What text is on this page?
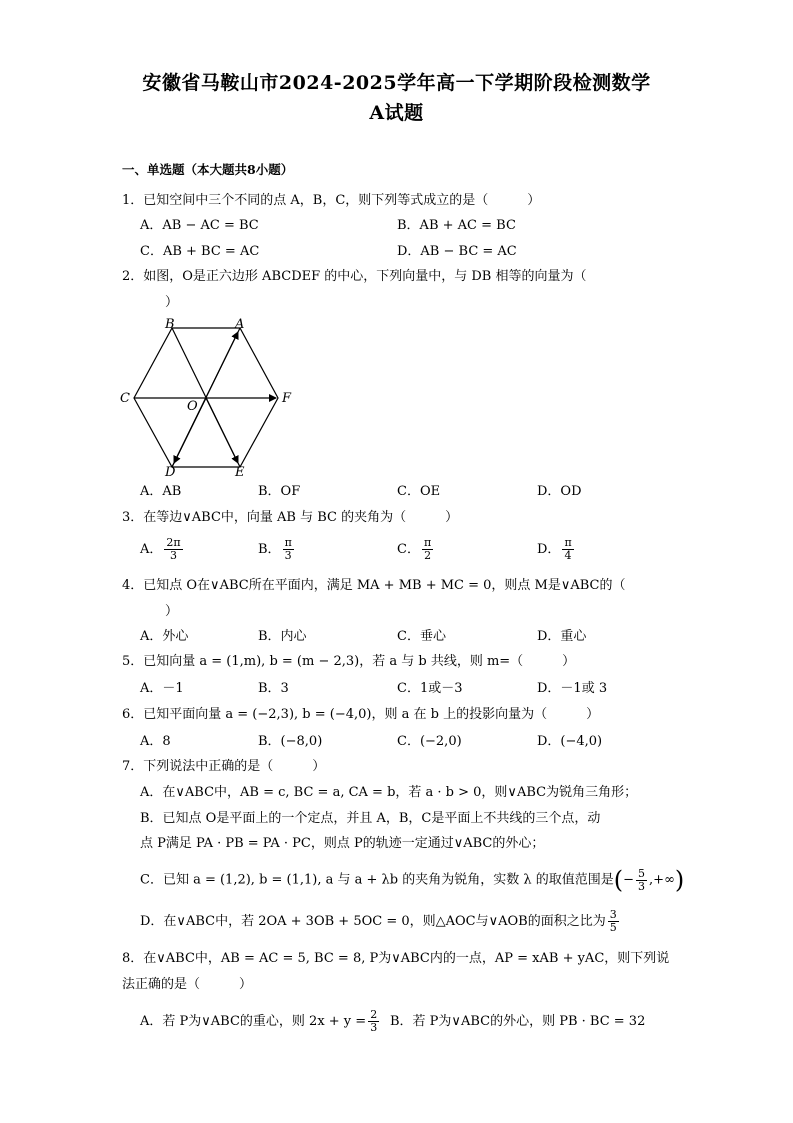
安徽省马鞍山市2024-2025学年高一下学期阶段检测数学
A试题
一、单选题（本大题共8小题）
1．已知空间中三个不同的点 A，B，C，则下列等式成立的是（　　　）
A．AB − AC = BC	B．AB + AC = BC
C．AB + BC = AC	D．AB − BC = AC
2．如图，O是正六边形 ABCDEF 的中心，下列向量中，与 DB 相等的向量为（
）
B	A
C
O
F
D	E
A．AB	B．OF	C．OE	D．OD
3．在等边∨ABC中，向量 AB 与 BC 的夹角为（　　　）
A． $\frac{2\pi}{3}$	B． $\frac{\pi}{3}$	C． $\frac{\pi}{2}$	D． $\frac{\pi}{4}$
4．已知点 O在∨ABC所在平面内，满足 MA + MB + MC = 0，则点 M是∨ABC的（
）
A．外心	B．内心	C．垂心	D．重心
5．已知向量 a = (1,m), b = (m − 2,3)，若 a 与 b 共线，则 m=（　　　）
A．－1	B．3	C．1或－3	D．－1或 3
6．已知平面向量 a = (−2,3), b = (−4,0)，则 a 在 b 上的投影向量为（　　　）
A．8	B．(−8,0)	C．(−2,0)	D．(−4,0)
7．下列说法中正确的是（　　　）
A．在∨ABC中，AB = c, BC = a, CA = b，若 a · b > 0，则∨ABC为锐角三角形；
B．已知点 O是平面上的一个定点，并且 A，B，C是平面上不共线的三个点，动
点 P满足 PA · PB = PA · PC，则点 P的轨迹一定通过∨ABC的外心；
C．已知 a = (1,2), b = (1,1), a 与 a + λb 的夹角为锐角，实数 λ 的取值范围是(− $\frac{5}{3}$ ,+∞)
D．在∨ABC中，若 2OA + 3OB + 5OC = 0，则△AOC与∨AOB的面积之比为 $\frac{3}{5}$
8．在∨ABC中，AB = AC = 5, BC = 8, P为∨ABC内的一点，AP = xAB + yAC，则下列说
法正确的是（　　　）
A．若 P为∨ABC的重心，则 $2x + y = \frac{2}{3}$ B．若 P为∨ABC的外心，则 PB · BC = 32
